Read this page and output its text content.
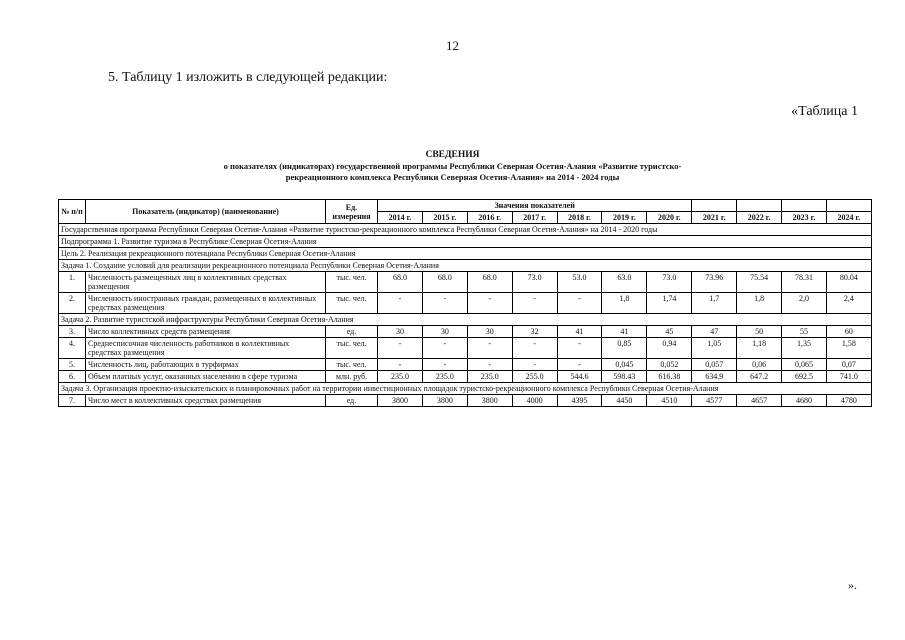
12
5. Таблицу 1 изложить в следующей редакции:
«Таблица 1
СВЕДЕНИЯ
о показателях (индикаторах) государственной программы Республики Северная Осетия-Алания «Развитие туристско-рекреационного комплекса Республики Северная Осетия-Алания» на 2014 - 2024 годы
№ п/п	Показатель (индикатор) (наименование)	Ед. измерения	Значения показателей										
			2014 г.	2015 г.	2016 г.	2017 г.	2018 г.	2019 г.	2020 г.	2021 г.	2022 г.	2023 г.	2024 г.
Государственная программа Республики Северная Осетия-Алания «Развитие туристско-рекреационного комплекса Республики Северная Осетия-Алания» на 2014 - 2020 годы													
Подпрограмма 1. Развитие туризма в Республике Северная Осетия-Алания													
Цель 2. Реализация рекреационного потенциала Республики Северная Осетия-Алания													
Задача 1. Создание условий для реализации рекреационного потенциала Республики Северная Осетия-Алания													
1.	Численность размещенных лиц в коллективных средствах размещения	тыс. чел.	68.0	68.0	68.0	73.0	53.0	63.0	73.0	73.96	75.54	78.31	80.04
2.	Численность иностранных граждан, размещенных в коллективных средствах размещения	тыс. чел.	-	-	-	-	-	1,8	1,74	1,7	1,8	2,0	2,4
Задача 2. Развитие туристской инфраструктуры Республики Северная Осетия-Алания													
3.	Число коллективных средств размещения	ед.	30	30	30	32	41	41	45	47	50	55	60
4.	Среднесписочная численность работников в коллективных средствах размещения	тыс. чел.	-	-	-	-	-	0,85	0,94	1,05	1,18	1,35	1,58
5.	Численность лиц, работающих в турфирмах	тыс. чел.	-	-	-	-	-	0,045	0,052	0,057	0,06	0,065	0,07
6.	Объем платных услуг, оказанных населению в сфере туризма	млн. руб.	235.0	235.0	235.0	255.0	544.6	598.43	616.38	634.9	647.2	692.5	741.0
Задача 3. Организация проектно-изыскательских и планировочных работ на территории инвестиционных площадок туристско-рекреационного комплекса Республики Северная Осетия-Алания													
7.	Число мест в коллективных средствах размещения	ед.	3800	3800	3800	4000	4395	4450	4510	4577	4657	4680	4780
».
